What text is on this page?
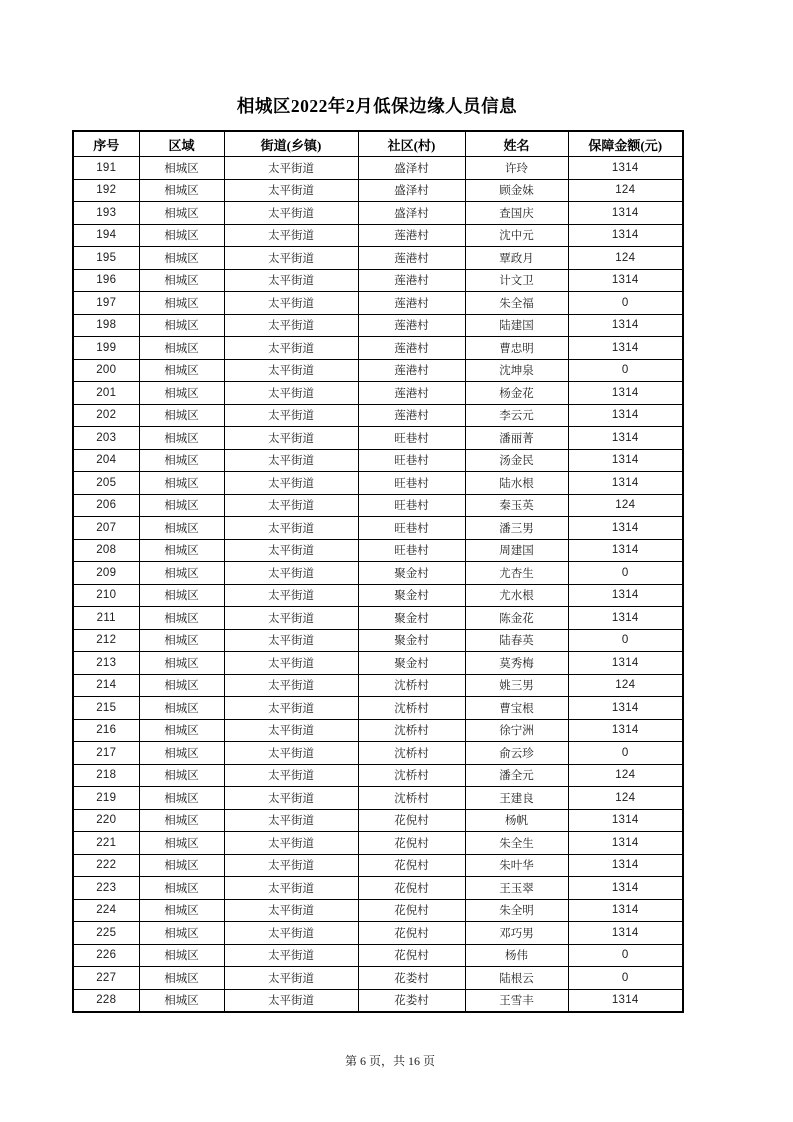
相城区2022年2月低保边缘人员信息
序号	区域	街道(乡镇)	社区(村)	姓名	保障金额(元)
191	相城区	太平街道	盛泽村	许玲	1314
192	相城区	太平街道	盛泽村	顾金妹	124
193	相城区	太平街道	盛泽村	查国庆	1314
194	相城区	太平街道	莲港村	沈中元	1314
195	相城区	太平街道	莲港村	覃政月	124
196	相城区	太平街道	莲港村	计文卫	1314
197	相城区	太平街道	莲港村	朱全福	0
198	相城区	太平街道	莲港村	陆建国	1314
199	相城区	太平街道	莲港村	曹忠明	1314
200	相城区	太平街道	莲港村	沈坤泉	0
201	相城区	太平街道	莲港村	杨金花	1314
202	相城区	太平街道	莲港村	李云元	1314
203	相城区	太平街道	旺巷村	潘丽菁	1314
204	相城区	太平街道	旺巷村	汤金民	1314
205	相城区	太平街道	旺巷村	陆水根	1314
206	相城区	太平街道	旺巷村	秦玉英	124
207	相城区	太平街道	旺巷村	潘三男	1314
208	相城区	太平街道	旺巷村	周建国	1314
209	相城区	太平街道	聚金村	尤杏生	0
210	相城区	太平街道	聚金村	尤水根	1314
211	相城区	太平街道	聚金村	陈金花	1314
212	相城区	太平街道	聚金村	陆春英	0
213	相城区	太平街道	聚金村	莫秀梅	1314
214	相城区	太平街道	沈桥村	姚三男	124
215	相城区	太平街道	沈桥村	曹宝根	1314
216	相城区	太平街道	沈桥村	徐宁洲	1314
217	相城区	太平街道	沈桥村	俞云珍	0
218	相城区	太平街道	沈桥村	潘全元	124
219	相城区	太平街道	沈桥村	王建良	124
220	相城区	太平街道	花倪村	杨帆	1314
221	相城区	太平街道	花倪村	朱全生	1314
222	相城区	太平街道	花倪村	朱叶华	1314
223	相城区	太平街道	花倪村	王玉翠	1314
224	相城区	太平街道	花倪村	朱全明	1314
225	相城区	太平街道	花倪村	邓巧男	1314
226	相城区	太平街道	花倪村	杨伟	0
227	相城区	太平街道	花娄村	陆根云	0
228	相城区	太平街道	花娄村	王雪丰	1314
第 6 页，共 16 页
